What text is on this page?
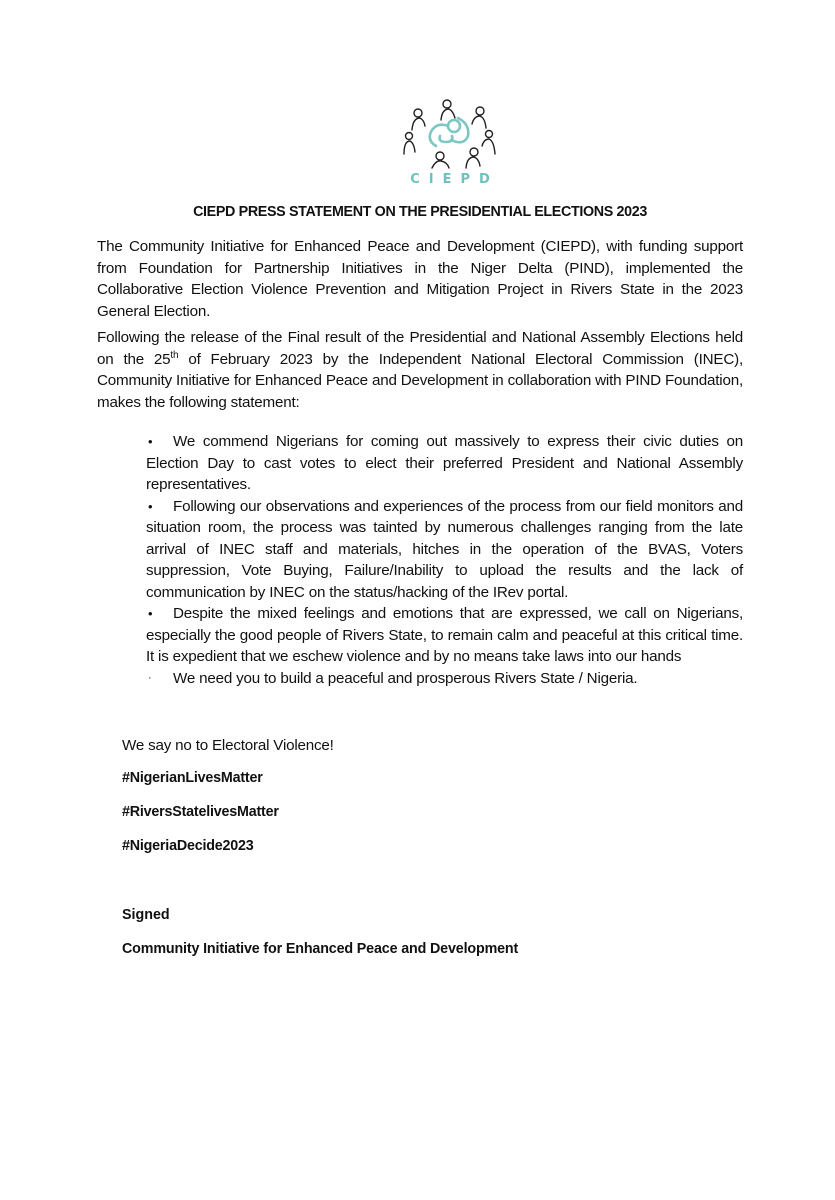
CIEPD
CIEPD PRESS STATEMENT ON THE PRESIDENTIAL ELECTIONS 2023
The Community Initiative for Enhanced Peace and Development (CIEPD), with funding support from Foundation for Partnership Initiatives in the Niger Delta (PIND), implemented the Collaborative Election Violence Prevention and Mitigation Project in Rivers State in the 2023 General Election.
Following the release of the Final result of the Presidential and National Assembly Elections held on the 25th of February 2023 by the Independent National Electoral Commission (INEC), Community Initiative for Enhanced Peace and Development in collaboration with PIND Foundation, makes the following statement:
• We commend Nigerians for coming out massively to express their civic duties on Election Day to cast votes to elect their preferred President and National Assembly representatives.
• Following our observations and experiences of the process from our field monitors and situation room, the process was tainted by numerous challenges ranging from the late arrival of INEC staff and materials, hitches in the operation of the BVAS, Voters suppression, Vote Buying, Failure/Inability to upload the results and the lack of communication by INEC on the status/hacking of the IRev portal.
• Despite the mixed feelings and emotions that are expressed, we call on Nigerians, especially the good people of Rivers State, to remain calm and peaceful at this critical time. It is expedient that we eschew violence and by no means take laws into our hands
· We need you to build a peaceful and prosperous Rivers State / Nigeria.
We say no to Electoral Violence!
#NigerianLivesMatter
#RiversStatelivesMatter
#NigeriaDecide2023
Signed
Community Initiative for Enhanced Peace and Development
